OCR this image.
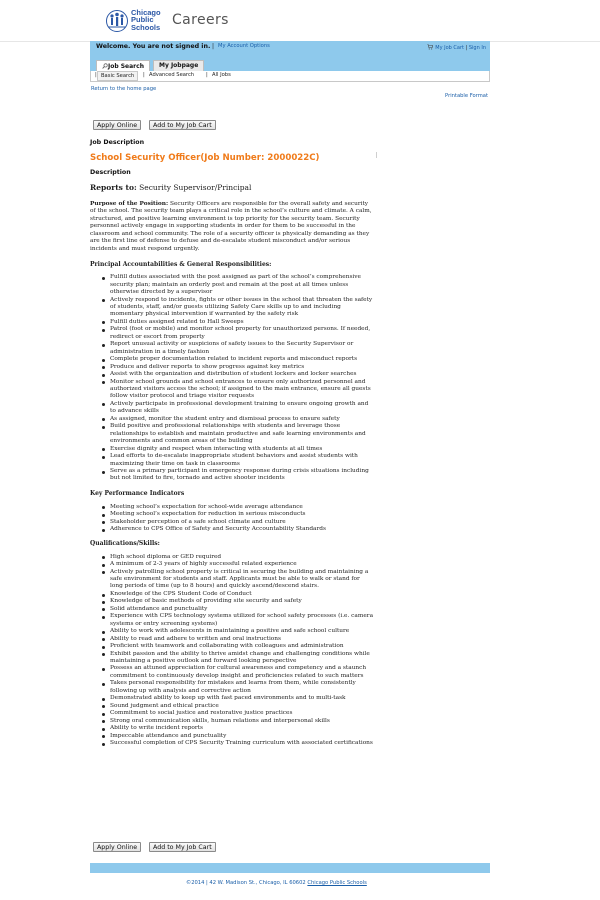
Chicago
Public
Schools Careers
Welcome. You are not signed in. | My Account Options	My Job Cart | Sign In
Job Search	My Jobpage
| Basic Search	| Advanced Search | All Jobs
Return to the home page
Printable Format
Apply Online	Add to My Job Cart
Job Description
School Security Officer(Job Number: 2000022C)
Description
Reports to: Security Supervisor/Principal

Purpose of the Position: Security Officers are responsible for the overall safety and security of the school. The security team plays a critical role in the school’s culture and climate. A calm, structured, and positive learning environment is top priority for the security team. Security personnel actively engage in supporting students in order for them to be successful in the classroom and school community. The role of a security officer is physically demanding as they are the first line of defense to defuse and de-escalate student misconduct and/or serious incidents and must respond urgently.

Principal Accountabilities & General Responsibilities:
Fulfill duties associated with the post assigned as part of the school’s comprehensive security plan; maintain an orderly post and remain at the post at all times unless otherwise directed by a supervisor
Actively respond to incidents, fights or other issues in the school that threaten the safety of students, staff, and/or guests utilizing Safety Care skills up to and including momentary physical intervention if warranted by the safety risk
Fulfill duties assigned related to Hall Sweeps
Patrol (foot or mobile) and monitor school property for unauthorized persons. If needed, redirect or escort from property
Report unusual activity or suspicions of safety issues to the Security Supervisor or administration in a timely fashion
Complete proper documentation related to incident reports and misconduct reports
Produce and deliver reports to show progress against key metrics
Assist with the organization and distribution of student lockers and locker searches
Monitor school grounds and school entrances to ensure only authorized personnel and authorized visitors access the school; if assigned to the main entrance, ensure all guests follow visitor protocol and triage visitor requests
Actively participate in professional development training to ensure ongoing growth and to advance skills
As assigned, monitor the student entry and dismissal process to ensure safety
Build positive and professional relationships with students and leverage those relationships to establish and maintain productive and safe learning environments and environments and common areas of the building
Exercise dignity and respect when interacting with students at all times
Lead efforts to de-escalate inappropriate student behaviors and assist students with maximizing their time on task in classrooms
Serve as a primary participant in emergency response during crisis situations including but not limited to fire, tornado and active shooter incidents
Key Performance Indicators
Meeting school’s expectation for school-wide average attendance
Meeting school’s expectation for reduction in serious misconducts
Stakeholder perception of a safe school climate and culture
Adherence to CPS Office of Safety and Security Accountability Standards
Qualifications/Skills:
High school diploma or GED required
A minimum of 2-3 years of highly successful related experience
Actively patrolling school property is critical in securing the building and maintaining a safe environment for students and staff. Applicants must be able to walk or stand for long periods of time (up to 8 hours) and quickly ascend/descend stairs.
Knowledge of the CPS Student Code of Conduct
Knowledge of basic methods of providing site security and safety
Solid attendance and punctuality
Experience with CPS technology systems utilized for school safety processes (i.e. camera systems or entry screening systems)
Ability to work with adolescents in maintaining a positive and safe school culture
Ability to read and adhere to written and oral instructions
Proficient with teamwork and collaborating with colleagues and administration
Exhibit passion and the ability to thrive amidst change and challenging conditions while maintaining a positive outlook and forward looking perspective
Possess an attuned appreciation for cultural awareness and competency and a staunch commitment to continuously develop insight and proficiencies related to such matters
Takes personal responsibility for mistakes and learns from them, while consistently following up with analysis and corrective action
Demonstrated ability to keep up with fast paced environments and to multi-task
Sound judgment and ethical practice
Commitment to social justice and restorative justice practices
Strong oral communication skills, human relations and interpersonal skills
Ability to write incident reports
Impeccable attendance and punctuality
Successful completion of CPS Security Training curriculum with associated certifications
Apply Online	Add to My Job Cart
©2014 | 42 W. Madison St., Chicago, IL 60602 Chicago Public Schools
